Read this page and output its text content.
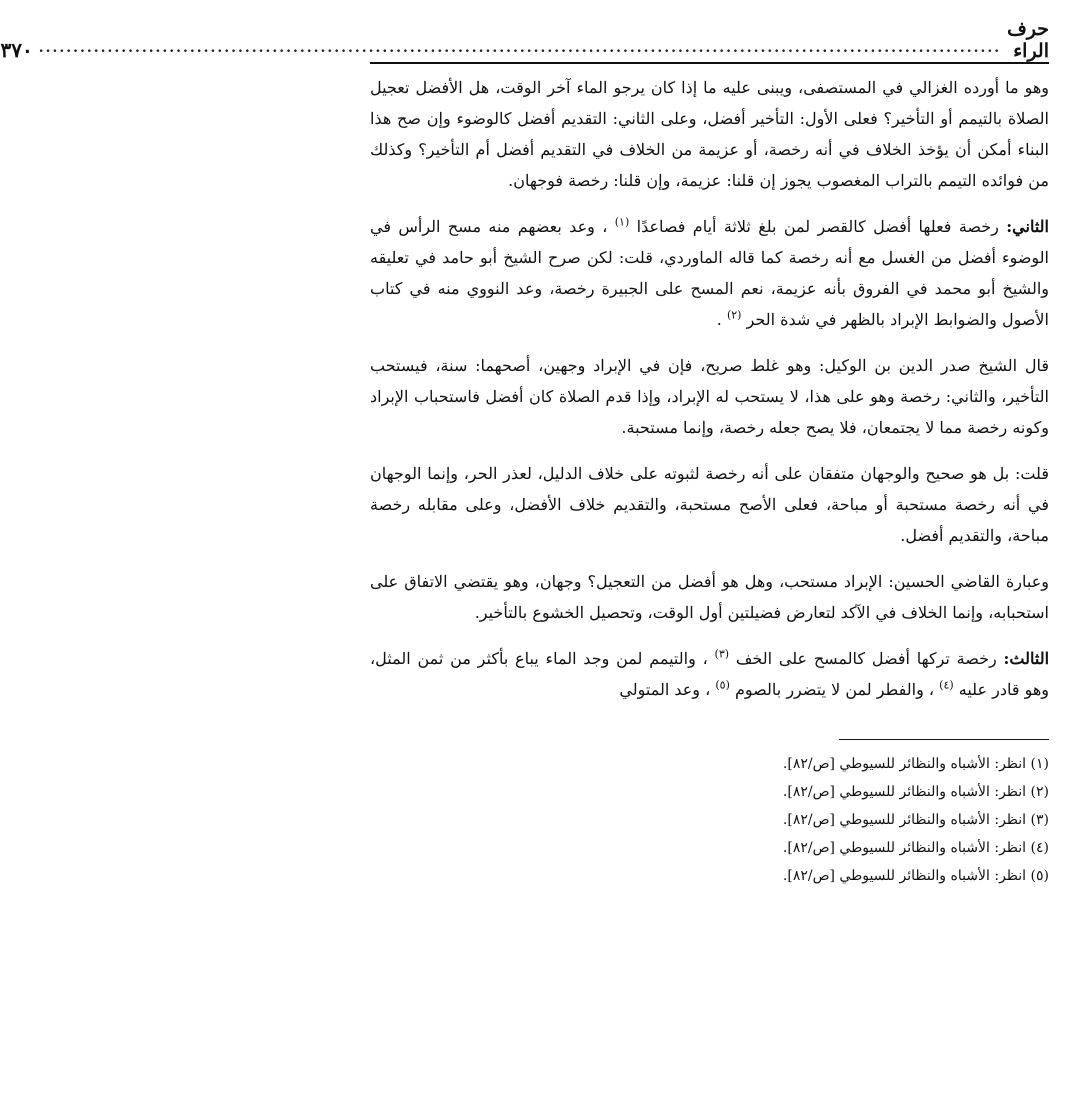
حرف الراء
............................................................................................................................................
٣٧٠

وهو ما أورده الغزالي في المستصفى، ويبنى عليه ما إذا كان يرجو الماء آخر الوقت، هل الأفضل تعجيل الصلاة بالتيمم أو التأخير؟ فعلى الأول: التأخير أفضل، وعلى الثاني: التقديم أفضل كالوضوء وإن صح هذا البناء أمكن أن يؤخذ الخلاف في أنه رخصة، أو عزيمة من الخلاف في التقديم أفضل أم التأخير؟ وكذلك من فوائده التيمم بالتراب المغصوب يجوز إن قلنا: عزيمة، وإن قلنا: رخصة فوجهان.

الثاني: رخصة فعلها أفضل كالقصر لمن بلغ ثلاثة أيام فصاعدًا $^{(١)}$ ، وعد بعضهم منه مسح الرأس في الوضوء أفضل من الغسل مع أنه رخصة كما قاله الماوردي، قلت: لكن صرح الشيخ أبو حامد في تعليقه والشيخ أبو محمد في الفروق بأنه عزيمة، نعم المسح على الجبيرة رخصة، وعد النووي منه في كتاب الأصول والضوابط الإبراد بالظهر في شدة الحر $^{(٢)}$ .

قال الشيخ صدر الدين بن الوكيل: وهو غلط صريح، فإن في الإبراد وجهين، أصحهما: سنة، فيستحب التأخير، والثاني: رخصة وهو على هذا، لا يستحب له الإبراد، وإذا قدم الصلاة كان أفضل فاستحباب الإبراد وكونه رخصة مما لا يجتمعان، فلا يصح جعله رخصة، وإنما مستحبة.

قلت: بل هو صحيح والوجهان متفقان على أنه رخصة لثبوته على خلاف الدليل، لعذر الحر، وإنما الوجهان في أنه رخصة مستحبة أو مباحة، فعلى الأصح مستحبة، والتقديم خلاف الأفضل، وعلى مقابله رخصة مباحة، والتقديم أفضل.

وعبارة القاضي الحسين: الإبراد مستحب، وهل هو أفضل من التعجيل؟ وجهان، وهو يقتضي الاتفاق على استحبابه، وإنما الخلاف في الآكد لتعارض فضيلتين أول الوقت، وتحصيل الخشوع بالتأخير.

الثالث: رخصة تركها أفضل كالمسح على الخف $^{(٣)}$ ، والتيمم لمن وجد الماء يباع بأكثر من ثمن المثل، وهو قادر عليه $^{(٤)}$ ، والفطر لمن لا يتضرر بالصوم $^{(٥)}$ ، وعد المتولي

(١) انظر: الأشباه والنظائر للسيوطي [ص/٨٢].
(٢) انظر: الأشباه والنظائر للسيوطي [ص/٨٢].
(٣) انظر: الأشباه والنظائر للسيوطي [ص/٨٢].
(٤) انظر: الأشباه والنظائر للسيوطي [ص/٨٢].
(٥) انظر: الأشباه والنظائر للسيوطي [ص/٨٢].
